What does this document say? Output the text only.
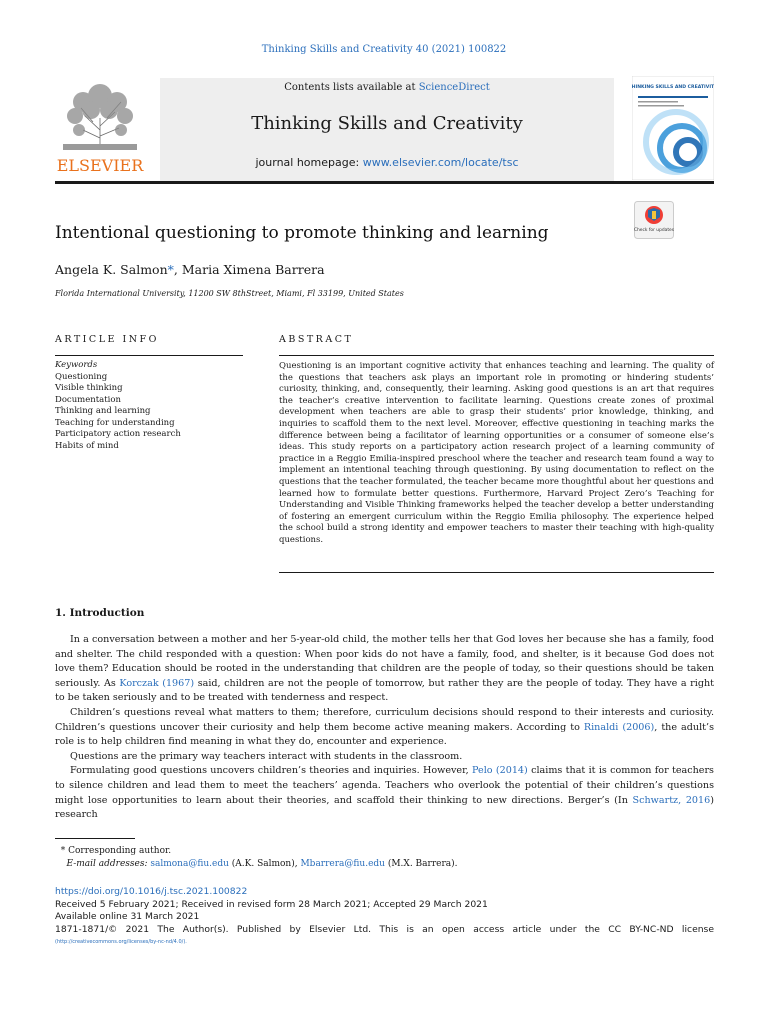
Thinking Skills and Creativity 40 (2021) 100822
Contents lists available at ScienceDirect
Thinking Skills and Creativity
journal homepage: www.elsevier.com/locate/tsc
ELSEVIER
THINKING SKILLS AND CREATIVITY
Check for updates
Intentional questioning to promote thinking and learning
Angela K. Salmon*, Maria Ximena Barrera
Florida International University, 11200 SW 8thStreet, Miami, Fl 33199, United States
ARTICLE INFO	ABSTRACT
Keywords
Questioning
Visible thinking
Documentation
Thinking and learning
Teaching for understanding
Participatory action research
Habits of mind
Questioning is an important cognitive activity that enhances teaching and learning. The quality of the questions that teachers ask plays an important role in promoting or hindering students’ curiosity, thinking, and, consequently, their learning. Asking good questions is an art that requires the teacher’s creative intervention to facilitate learning. Questions create zones of proximal development when teachers are able to grasp their students’ prior knowledge, thinking, and inquiries to scaffold them to the next level. Moreover, effective questioning in teaching marks the difference between being a facilitator of learning opportunities or a consumer of someone else’s ideas. This study reports on a participatory action research project of a learning community of practice in a Reggio Emilia-inspired preschool where the teacher and research team found a way to implement an intentional teaching through questioning. By using documentation to reflect on the questions that the teacher formulated, the teacher became more thoughtful about her questions and learned how to formulate better questions. Furthermore, Harvard Project Zero’s Teaching for Understanding and Visible Thinking frameworks helped the teacher develop a better understanding of fostering an emergent curriculum within the Reggio Emilia philosophy. The experience helped the school build a strong identity and empower teachers to master their teaching with high-quality questions.
1. Introduction

In a conversation between a mother and her 5-year-old child, the mother tells her that God loves her because she has a family, food and shelter. The child responded with a question: When poor kids do not have a family, food, and shelter, is it because God does not love them? Education should be rooted in the understanding that children are the people of today, so their questions should be taken seriously. As Korczak (1967) said, children are not the people of tomorrow, but rather they are the people of today. They have a right to be taken seriously and to be treated with tenderness and respect.

Children’s questions reveal what matters to them; therefore, curriculum decisions should respond to their interests and curiosity. Children’s questions uncover their curiosity and help them become active meaning makers. According to Rinaldi (2006), the adult’s role is to help children find meaning in what they do, encounter and experience.

Questions are the primary way teachers interact with students in the classroom.

Formulating good questions uncovers children’s theories and inquiries. However, Pelo (2014) claims that it is common for teachers to silence children and lead them to meet the teachers’ agenda. Teachers who overlook the potential of their children’s questions might lose opportunities to learn about their theories, and scaffold their thinking to new directions. Berger’s (In Schwartz, 2016) research

* Corresponding author.
E-mail addresses: salmona@fiu.edu (A.K. Salmon), Mbarrera@fiu.edu (M.X. Barrera).
https://doi.org/10.1016/j.tsc.2021.100822
Received 5 February 2021; Received in revised form 28 March 2021; Accepted 29 March 2021
Available online 31 March 2021
1871-1871/© 2021 The Author(s). Published by Elsevier Ltd. This is an open access article under the CC BY-NC-ND license
(http://creativecommons.org/licenses/by-nc-nd/4.0/).
